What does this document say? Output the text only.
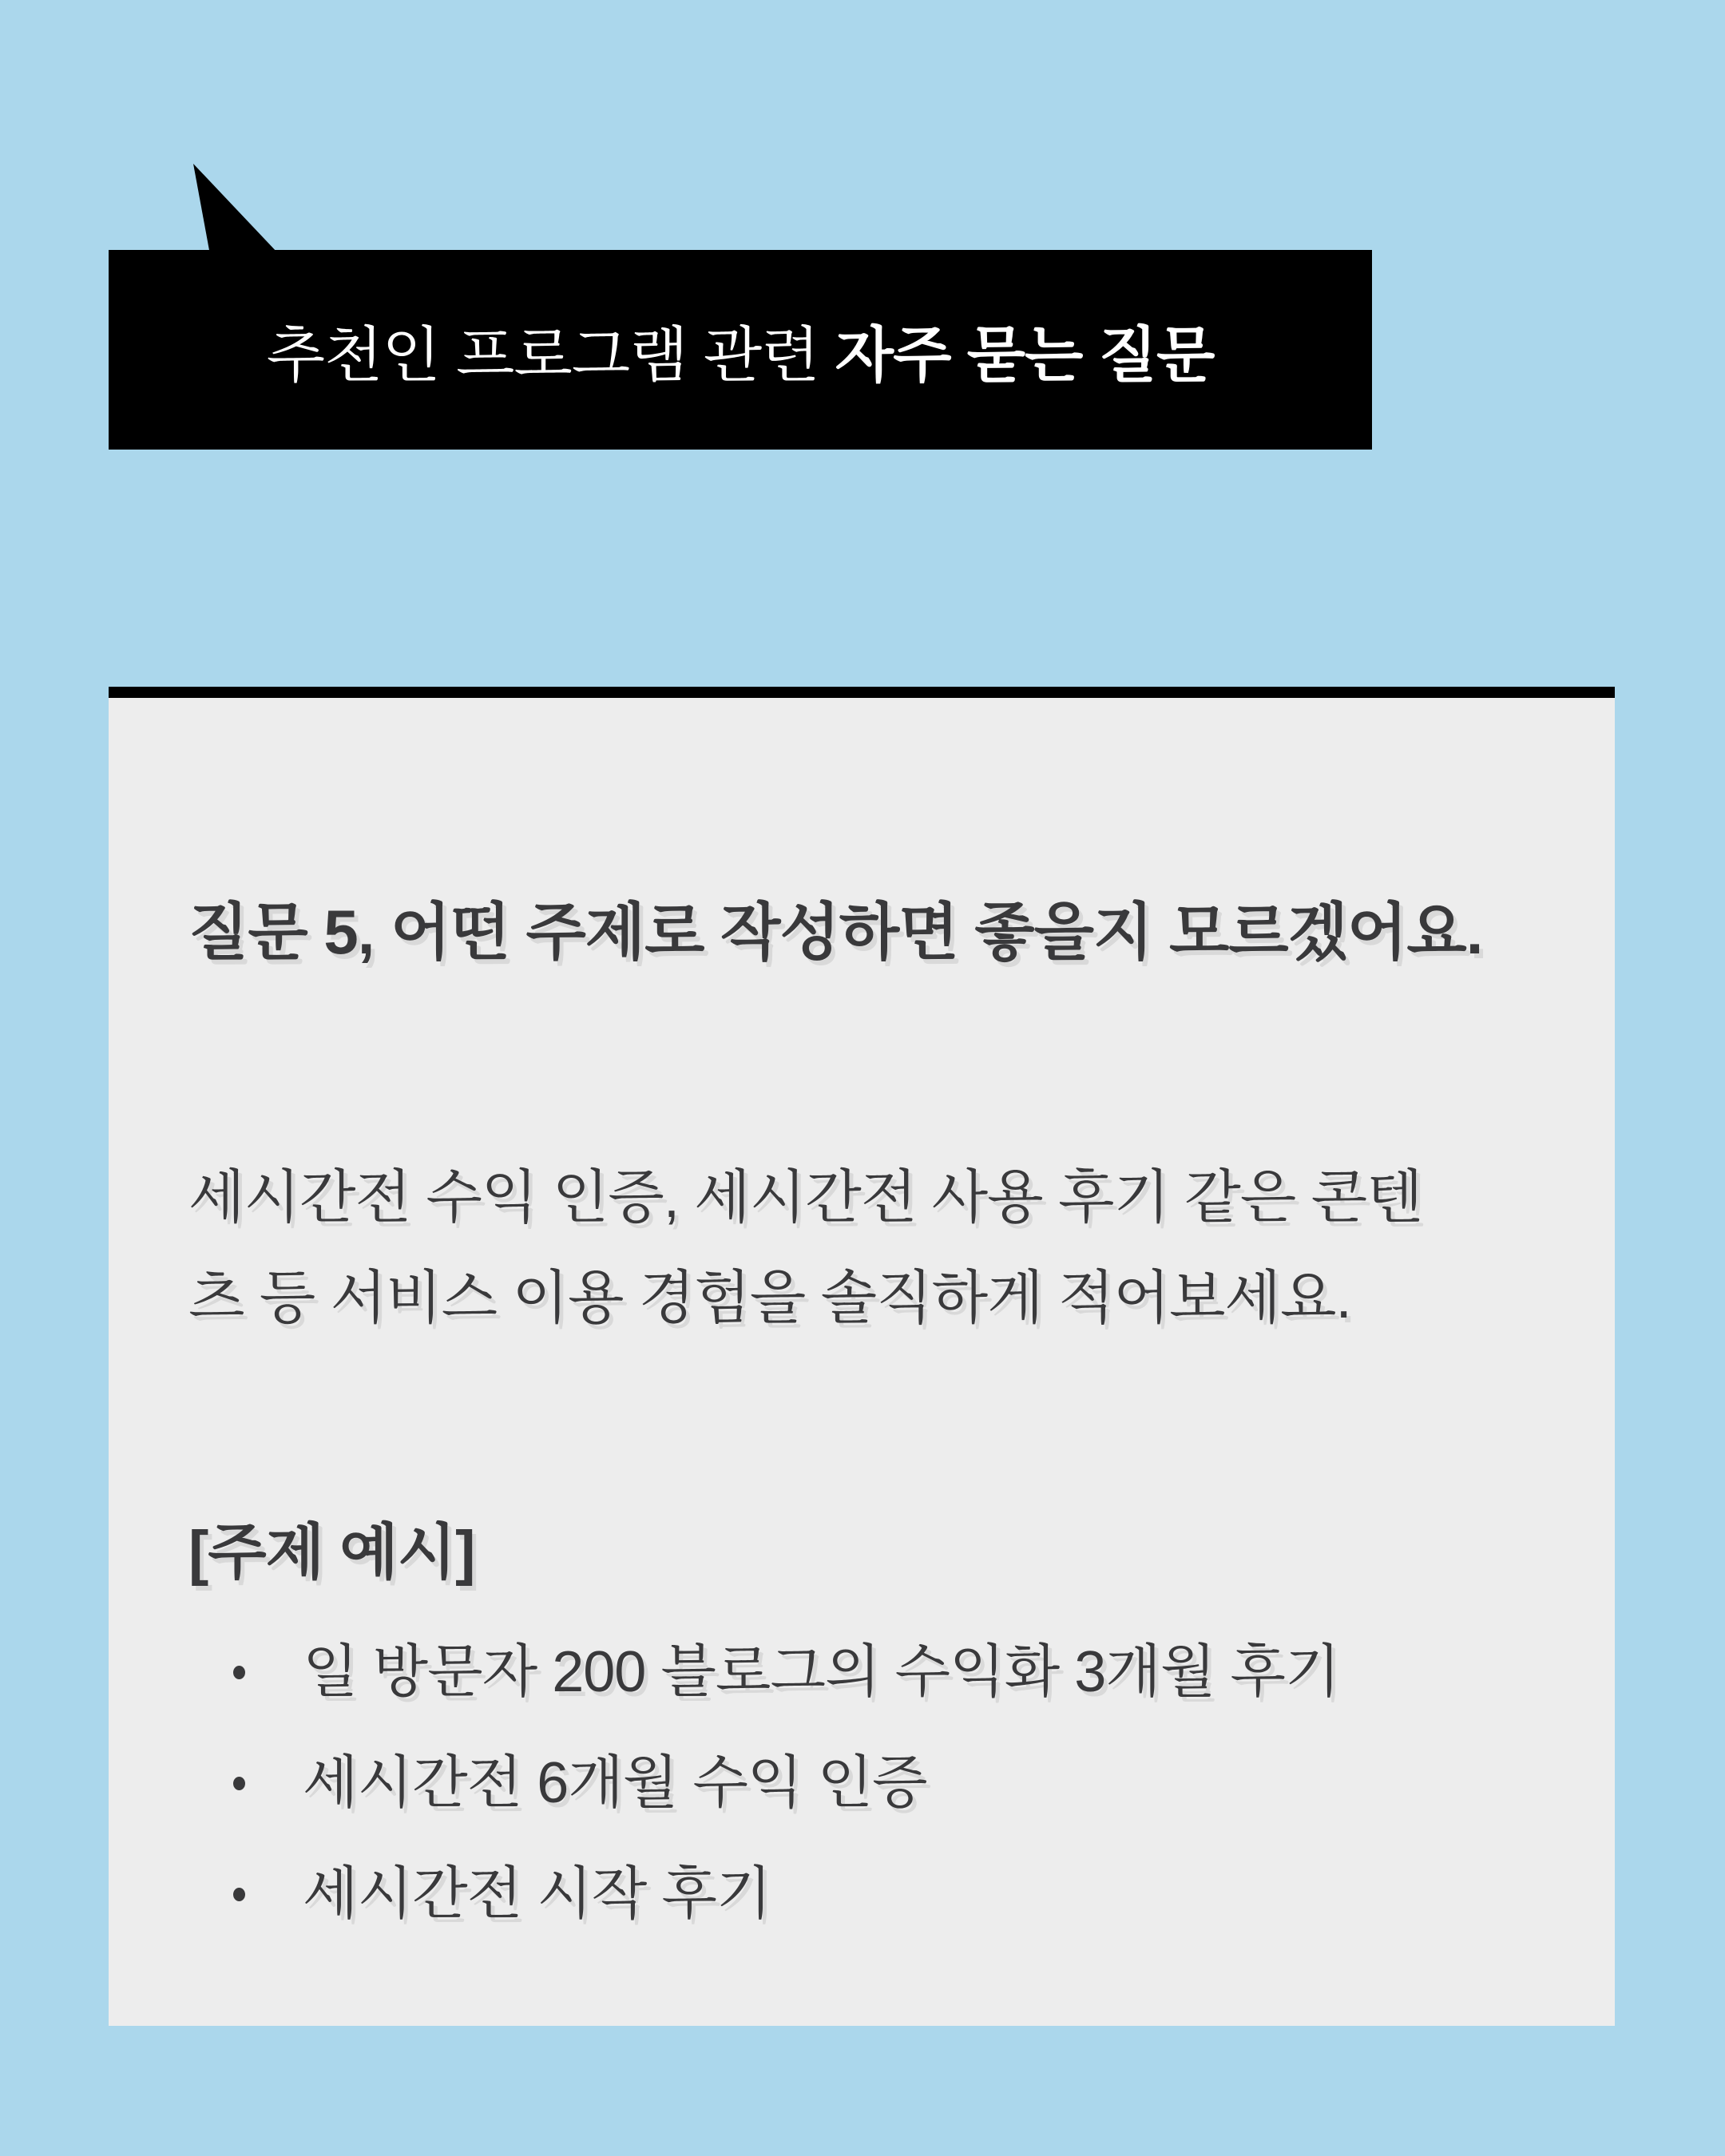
추천인 프로그램 관련 자주 묻는 질문
질문 5, 어떤 주제로 작성하면 좋을지 모르겠어요.
세시간전 수익 인증, 세시간전 사용 후기 같은 콘텐
츠 등 서비스 이용 경험을 솔직하게 적어보세요.
[주제 예시]
일 방문자 200 블로그의 수익화 3개월 후기
세시간전 6개월 수익 인증
세시간전 시작 후기
